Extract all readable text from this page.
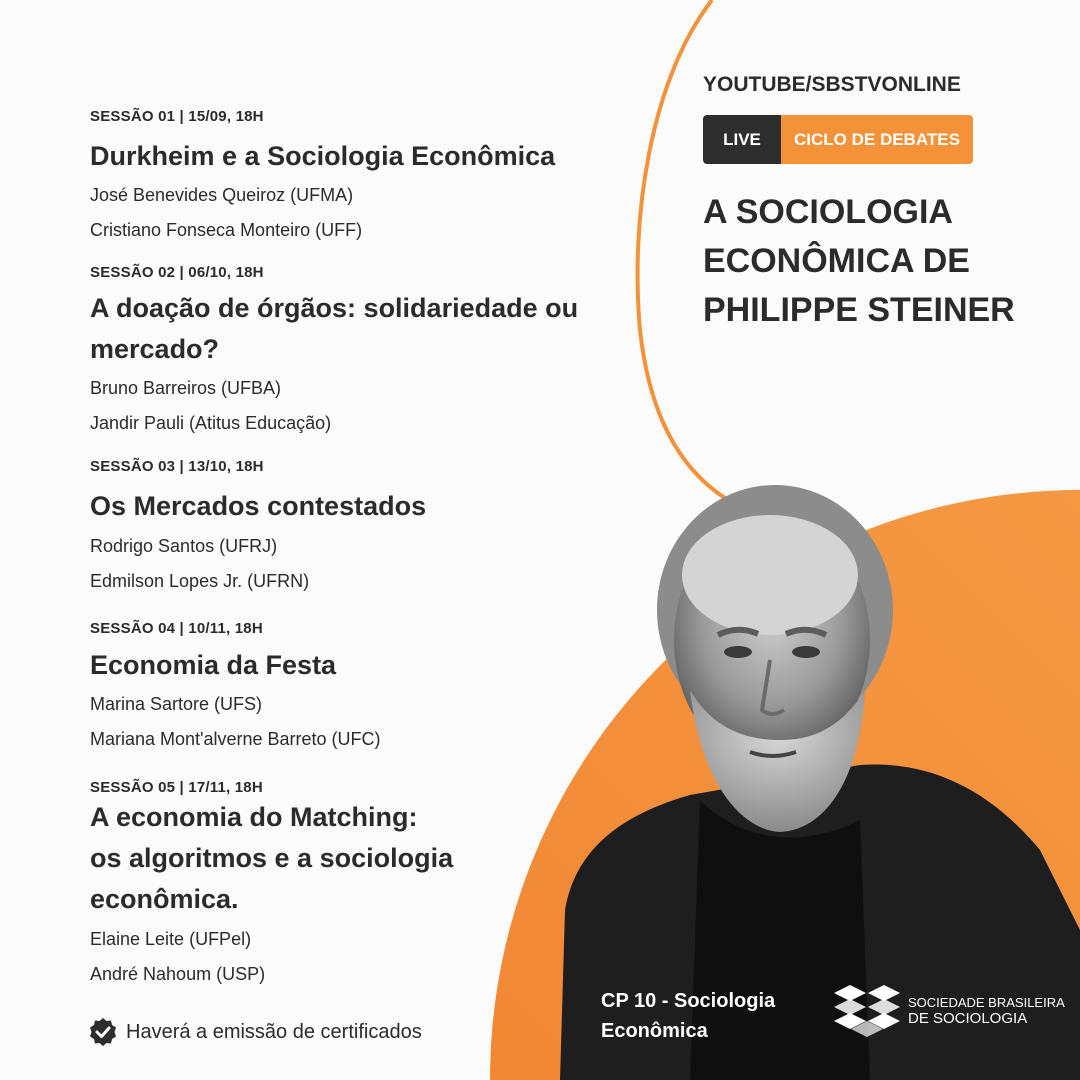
SESSÃO 01 | 15/09, 18H
Durkheim e a Sociologia Econômica
José Benevides Queiroz (UFMA)
Cristiano Fonseca Monteiro (UFF)
SESSÃO 02 | 06/10, 18H
A doação de órgãos: solidariedade ou
mercado?
Bruno Barreiros (UFBA)
Jandir Pauli (Atitus Educação)
SESSÃO 03 | 13/10, 18H
Os Mercados contestados
Rodrigo Santos (UFRJ)
Edmilson Lopes Jr. (UFRN)
SESSÃO 04 | 10/11, 18H
Economia da Festa
Marina Sartore (UFS)
Mariana Mont'alverne Barreto (UFC)
SESSÃO 05 | 17/11, 18H
A economia do Matching:
os algoritmos e a sociologia
econômica.
Elaine Leite (UFPel)
André Nahoum (USP)
YOUTUBE/SBSTVONLINE
LIVE	CICLO DE DEBATES
A SOCIOLOGIA
ECONÔMICA DE
PHILIPPE STEINER
CP 10 - Sociologia
Econômica
SOCIEDADE BRASILEIRA
DE SOCIOLOGIA
Haverá a emissão de certificados
